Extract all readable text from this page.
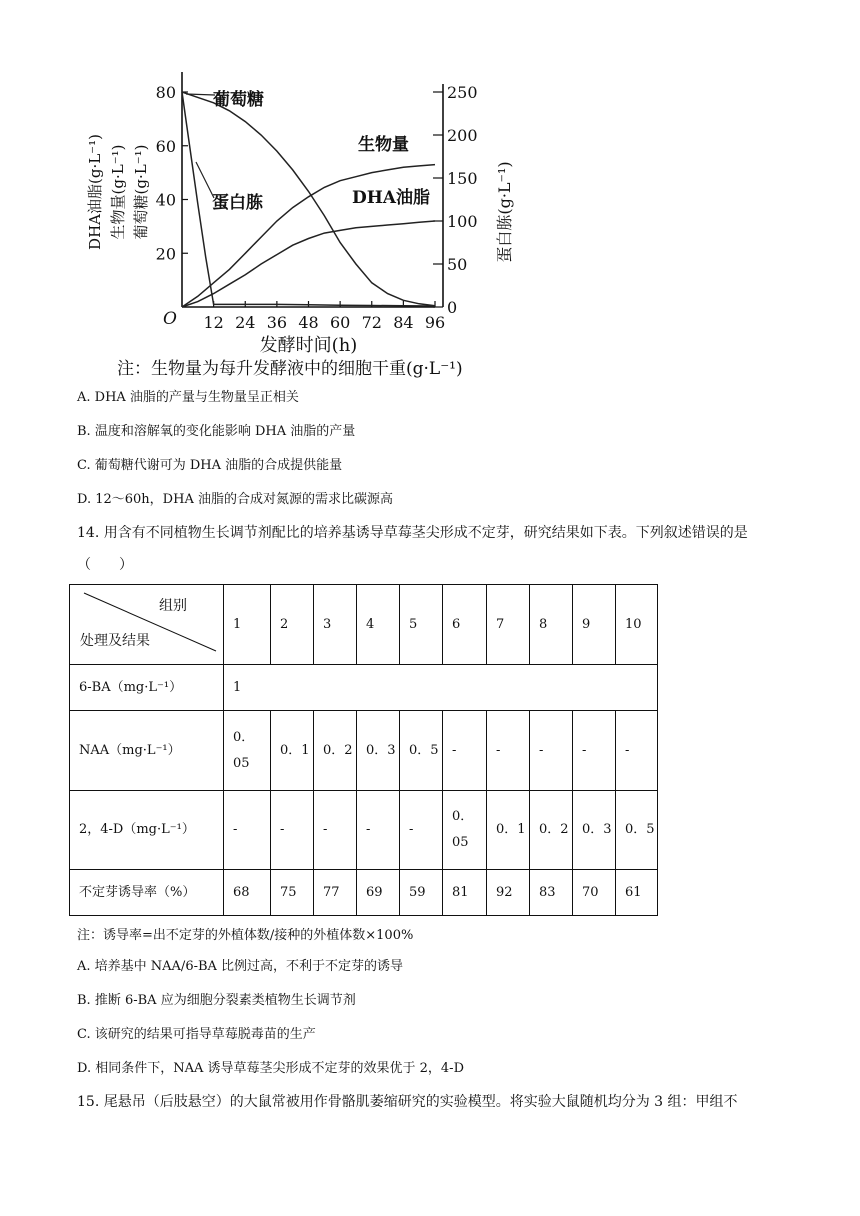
12 24 36 48 60 72 84 96
O
发酵时间(h)
20
40
60
80
0
50
100
150
200
250
DHA油脂(g·L⁻¹) 生物量(g·L⁻¹) 葡萄糖(g·L⁻¹)	蛋白胨(g·L⁻¹)
葡萄糖
蛋白胨
生物量
DHA油脂
注：生物量为每升发酵液中的细胞干重(g·L⁻¹)
A. DHA 油脂的产量与生物量呈正相关
B. 温度和溶解氧的变化能影响 DHA 油脂的产量
C. 葡萄糖代谢可为 DHA 油脂的合成提供能量
D. 12～60h，DHA 油脂的合成对氮源的需求比碳源高
14. 用含有不同植物生长调节剂配比的培养基诱导草莓茎尖形成不定芽，研究结果如下表。下列叙述错误的是（　　）
组别
处理及结果	1	2	3	4	5	6	7	8	9	10
6-BA（mg·L⁻¹）	1									
NAA（mg·L⁻¹）	0．05	0．1	0．2	0．3	0．5	-	-	-	-	-
2，4-D（mg·L⁻¹）	-	-	-	-	-	0．05	0．1	0．2	0．3	0．5
不定芽诱导率（%）	68	75	77	69	59	81	92	83	70	61
注：诱导率=出不定芽的外植体数/接种的外植体数×100%
A. 培养基中 NAA/6-BA 比例过高，不利于不定芽的诱导
B. 推断 6-BA 应为细胞分裂素类植物生长调节剂
C. 该研究的结果可指导草莓脱毒苗的生产
D. 相同条件下，NAA 诱导草莓茎尖形成不定芽的效果优于 2，4-D
15. 尾悬吊（后肢悬空）的大鼠常被用作骨骼肌萎缩研究的实验模型。将实验大鼠随机均分为 3 组：甲组不
